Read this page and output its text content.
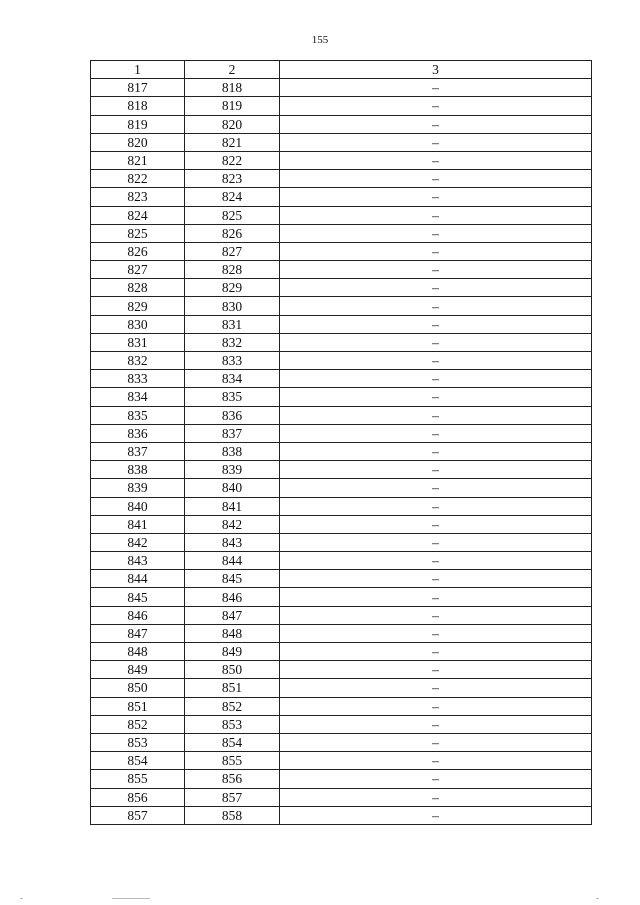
155
1	2	3
817	818	–
818	819	–
819	820	–
820	821	–
821	822	–
822	823	–
823	824	–
824	825	–
825	826	–
826	827	–
827	828	–
828	829	–
829	830	–
830	831	–
831	832	–
832	833	–
833	834	–
834	835	–
835	836	–
836	837	–
837	838	–
838	839	–
839	840	–
840	841	–
841	842	–
842	843	–
843	844	–
844	845	–
845	846	–
846	847	–
847	848	–
848	849	–
849	850	–
850	851	–
851	852	–
852	853	–
853	854	–
854	855	–
855	856	–
856	857	–
857	858	–
